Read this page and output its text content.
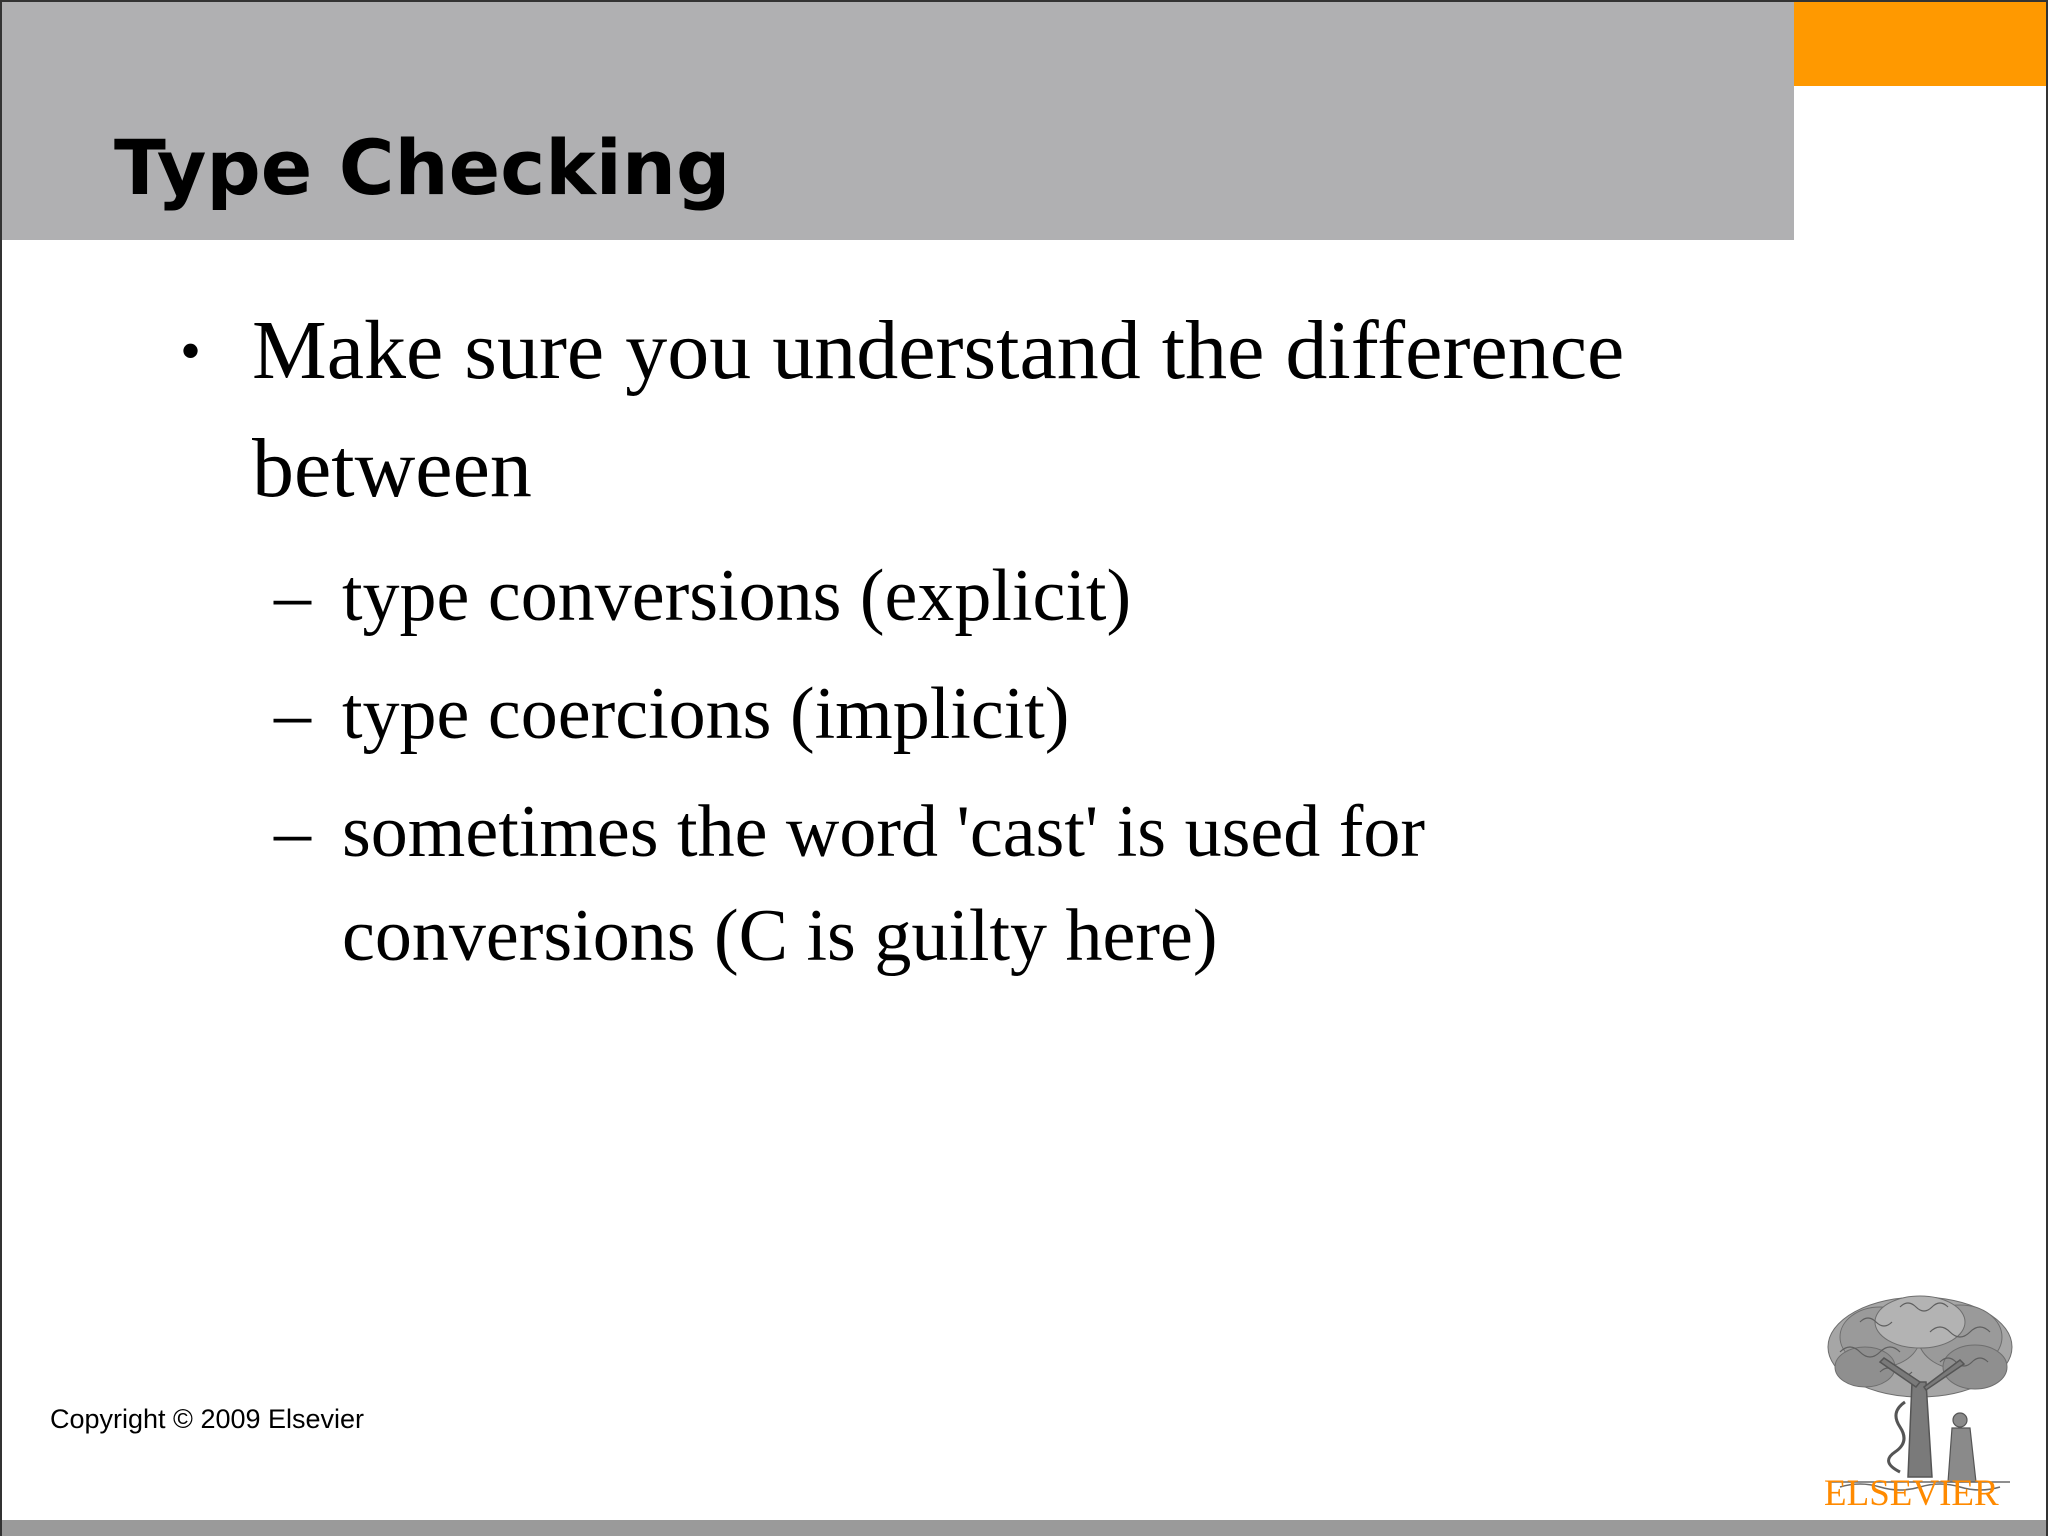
Type Checking
• Make sure you understand the difference between
– type conversions (explicit)
– type coercions (implicit)
– sometimes the word 'cast' is used for conversions (C is guilty here)
Copyright © 2009 Elsevier
ELSEVIER
